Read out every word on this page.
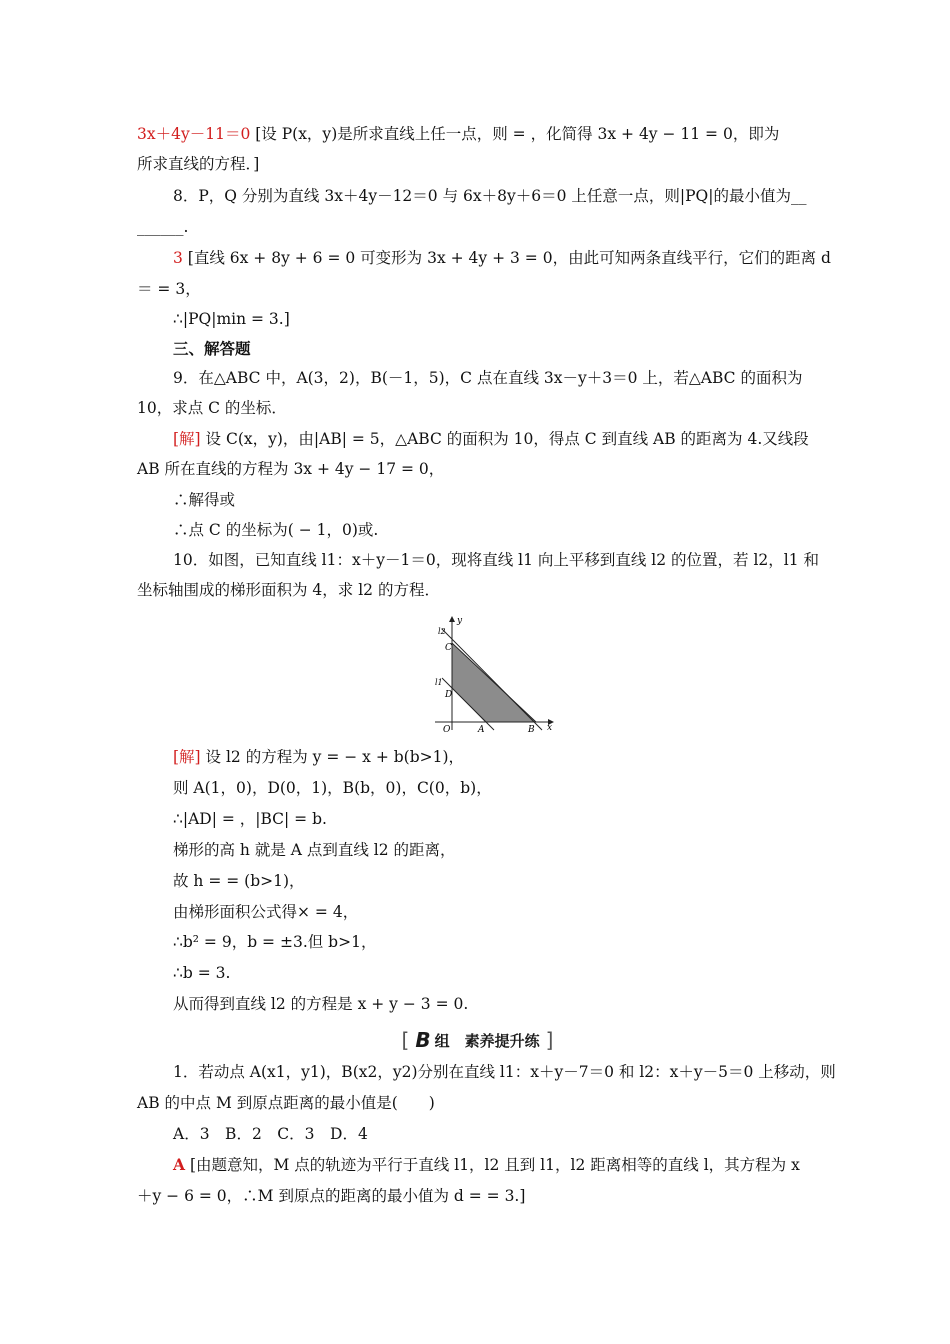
3x＋4y－11＝0 [设 P(x，y)是所求直线上任一点，则 = ，化简得 3x + 4y − 11 = 0，即为
所求直线的方程．]
8．P，Q 分别为直线 3x＋4y－12＝0 与 6x＋8y＋6＝0 上任意一点，则|PQ|的最小值为__
______.
3 [直线 6x + 8y + 6 = 0 可变形为 3x + 4y + 3 = 0，由此可知两条直线平行，它们的距离 d
＝ = 3，
∴|PQ|min = 3.]
三、解答题
9．在△ABC 中，A(3，2)，B(－1，5)，C 点在直线 3x－y＋3＝0 上，若△ABC 的面积为
10，求点 C 的坐标．
[解] 设 C(x，y)，由|AB| = 5，△ABC 的面积为 10，得点 C 到直线 AB 的距离为 4.又线段
AB 所在直线的方程为 3x + 4y − 17 = 0，
∴解得或
∴点 C 的坐标为( − 1，0)或.
10．如图，已知直线 l1：x＋y－1＝0，现将直线 l1 向上平移到直线 l2 的位置，若 l2，l1 和
坐标轴围成的梯形面积为 4，求 l2 的方程．
y
x
O	A	B
C
D
l2
l1
[解] 设 l2 的方程为 y = − x + b(b>1)，
则 A(1，0)，D(0，1)，B(b，0)，C(0，b)，
∴|AD| = ，|BC| = b.
梯形的高 h 就是 A 点到直线 l2 的距离，
故 h = = (b>1)，
由梯形面积公式得× = 4，
∴b² = 9，b = ±3.但 b>1，
∴b = 3.
从而得到直线 l2 的方程是 x + y − 3 = 0.
[ B 组　素养提升练 ]
1．若动点 A(x1，y1)，B(x2，y2)分别在直线 l1：x＋y－7＝0 和 l2：x＋y－5＝0 上移动，则
AB 的中点 M 到原点距离的最小值是(　　)
A．3　B．2　C．3　D．4
A [由题意知，M 点的轨迹为平行于直线 l1，l2 且到 l1，l2 距离相等的直线 l，其方程为 x
＋y − 6 = 0，∴M 到原点的距离的最小值为 d = = 3.]
